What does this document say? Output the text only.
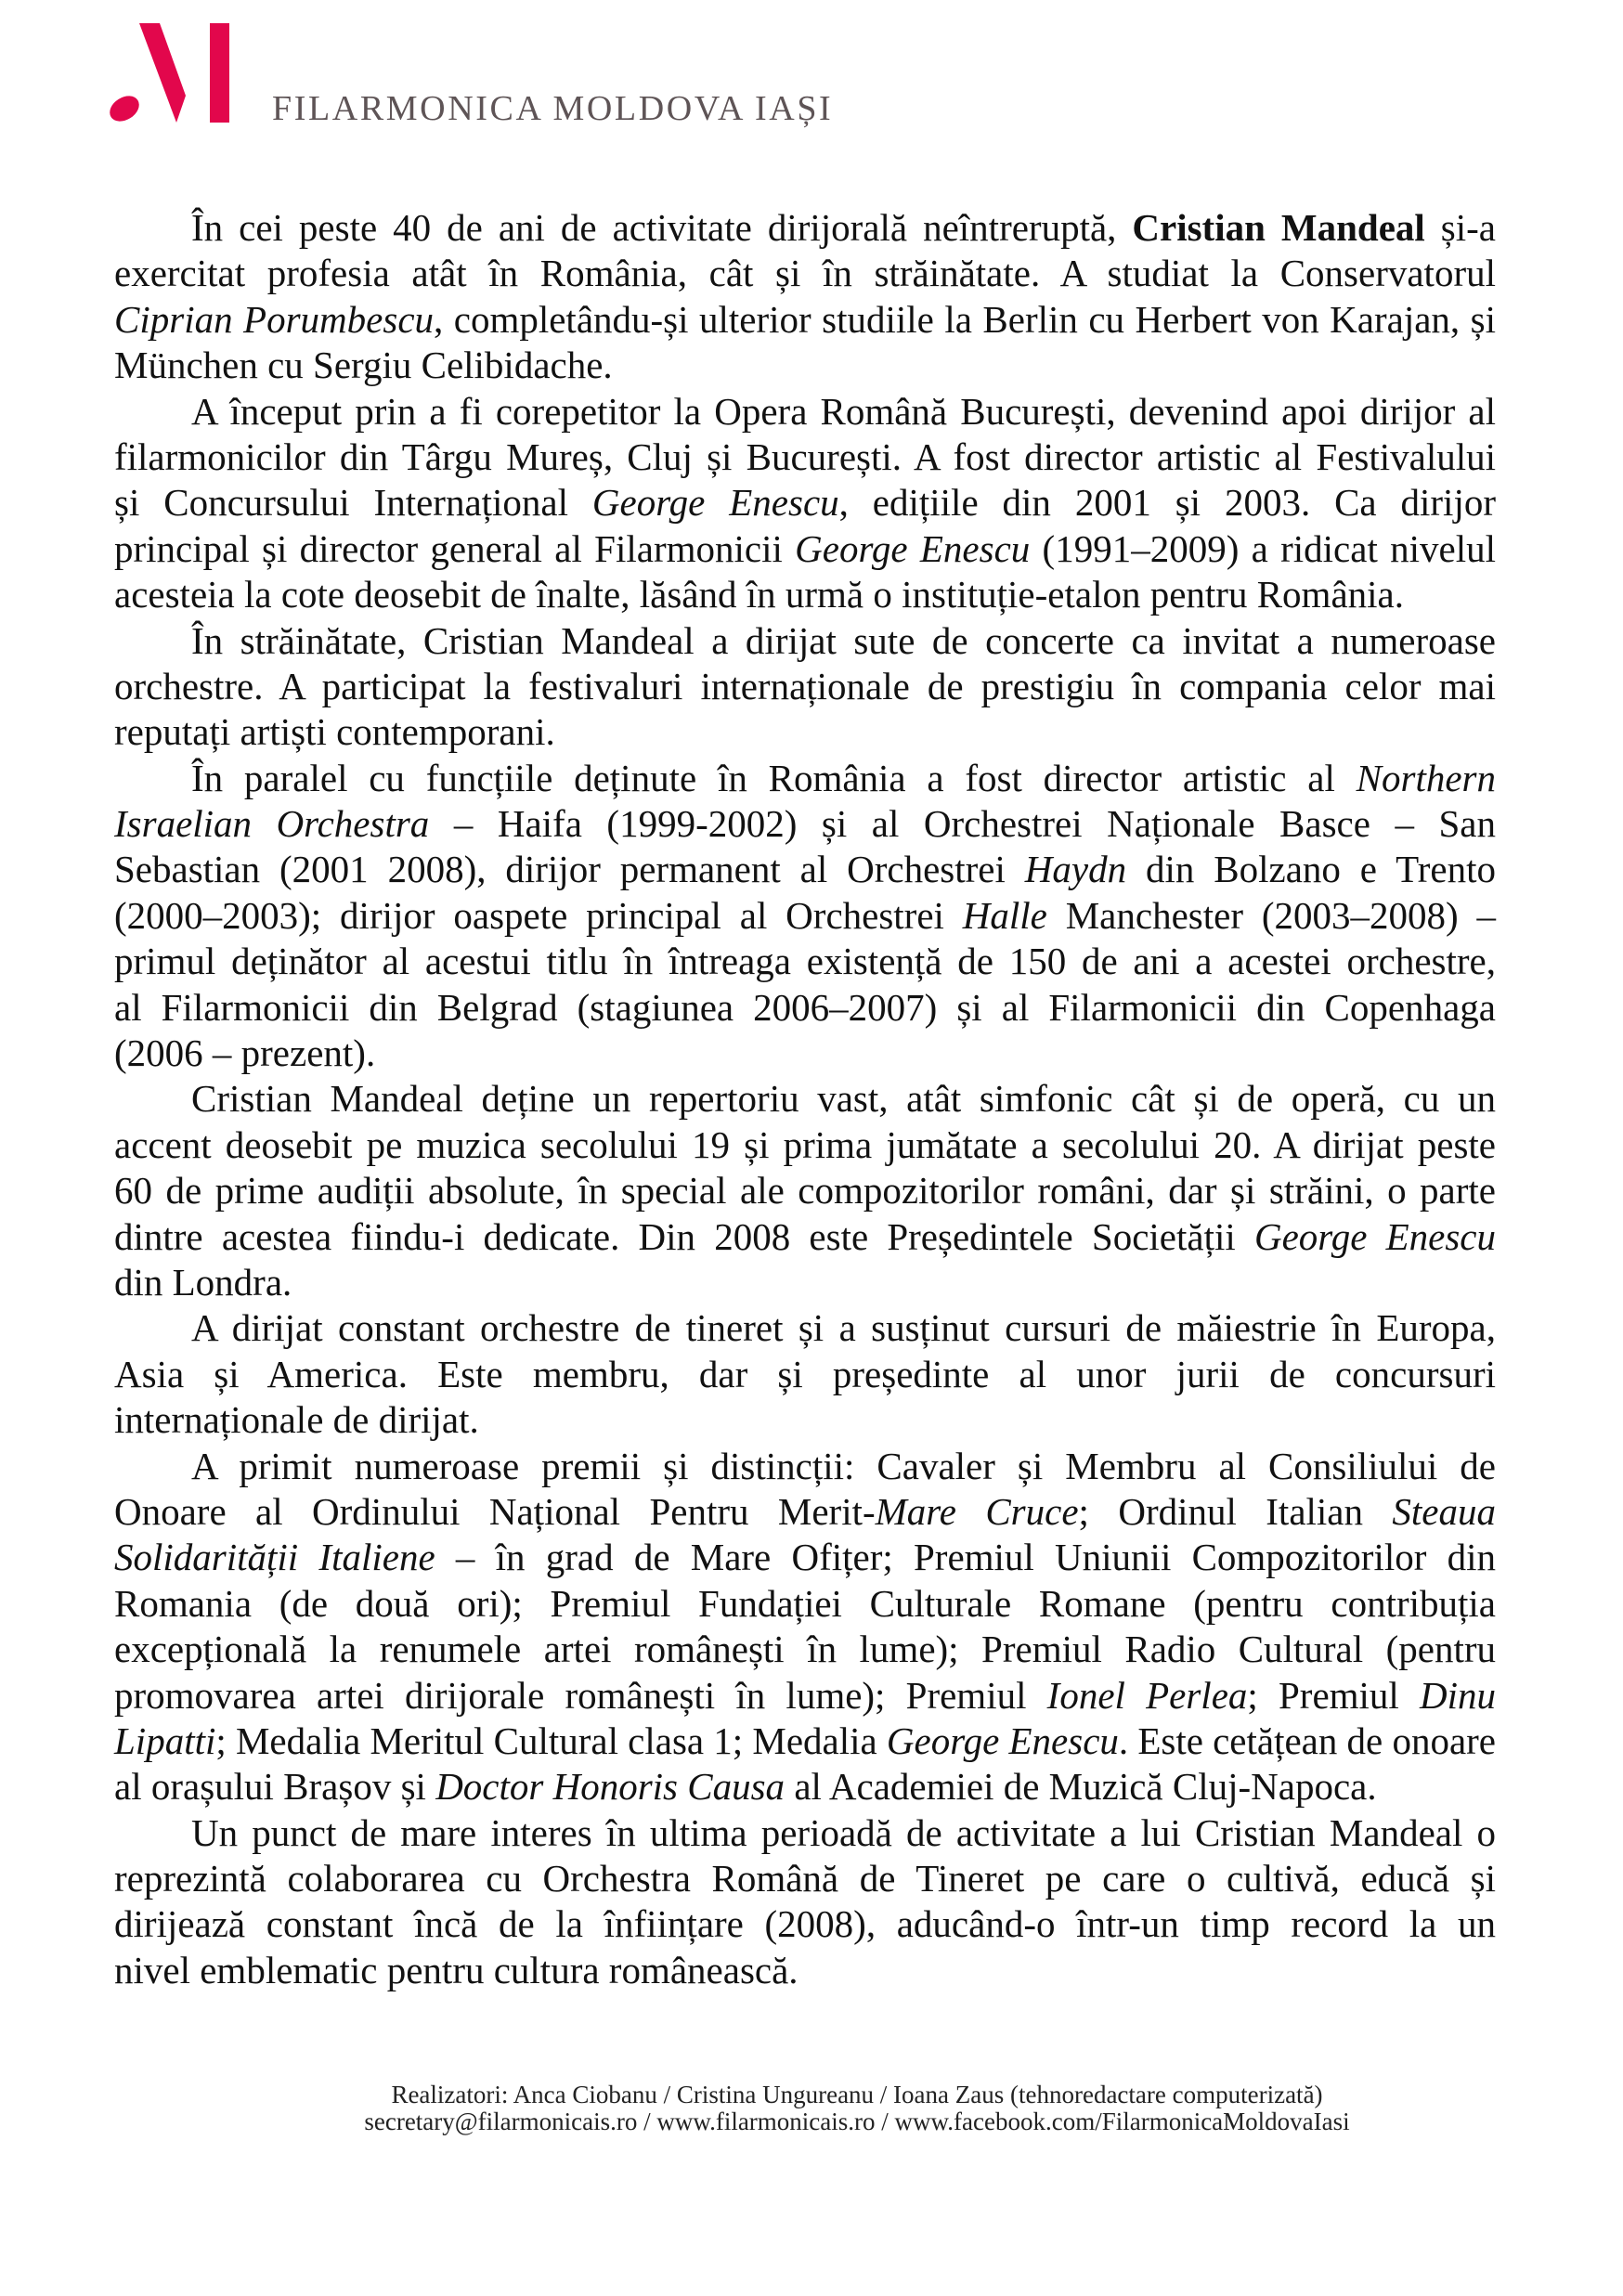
FILARMONICA MOLDOVA IAȘI
În cei peste 40 de ani de activitate dirijorală neîntreruptă, Cristian Mandeal și-a
exercitat profesia atât în România, cât și în străinătate. A studiat la Conservatorul
Ciprian Porumbescu, completându-și ulterior studiile la Berlin cu Herbert von Karajan, și
München cu Sergiu Celibidache.
A început prin a fi corepetitor la Opera Română București, devenind apoi dirijor al
filarmonicilor din Târgu Mureș, Cluj și București. A fost director artistic al Festivalului
și Concursului Internațional George Enescu, edițiile din 2001 și 2003. Ca dirijor
principal și director general al Filarmonicii George Enescu (1991–2009) a ridicat nivelul
acesteia la cote deosebit de înalte, lăsând în urmă o instituție-etalon pentru România.
În străinătate, Cristian Mandeal a dirijat sute de concerte ca invitat a numeroase
orchestre. A participat la festivaluri internaționale de prestigiu în compania celor mai
reputați artiști contemporani.
În paralel cu funcțiile deținute în România a fost director artistic al Northern
Israelian Orchestra – Haifa (1999-2002) și al Orchestrei Naționale Basce – San
Sebastian (2001 2008), dirijor permanent al Orchestrei Haydn din Bolzano e Trento
(2000–2003); dirijor oaspete principal al Orchestrei Halle Manchester (2003–2008) –
primul deținător al acestui titlu în întreaga existență de 150 de ani a acestei orchestre,
al Filarmonicii din Belgrad (stagiunea 2006–2007) și al Filarmonicii din Copenhaga
(2006 – prezent).
Cristian Mandeal deține un repertoriu vast, atât simfonic cât și de operă, cu un
accent deosebit pe muzica secolului 19 și prima jumătate a secolului 20. A dirijat peste
60 de prime audiții absolute, în special ale compozitorilor români, dar și străini, o parte
dintre acestea fiindu-i dedicate. Din 2008 este Președintele Societății George Enescu
din Londra.
A dirijat constant orchestre de tineret și a susținut cursuri de măiestrie în Europa,
Asia și America. Este membru, dar și președinte al unor jurii de concursuri
internaționale de dirijat.
A primit numeroase premii și distincții: Cavaler și Membru al Consiliului de
Onoare al Ordinului Național Pentru Merit-Mare Cruce; Ordinul Italian Steaua
Solidarității Italiene – în grad de Mare Ofițer; Premiul Uniunii Compozitorilor din
Romania (de două ori); Premiul Fundației Culturale Romane (pentru contribuția
excepțională la renumele artei românești în lume); Premiul Radio Cultural (pentru
promovarea artei dirijorale românești în lume); Premiul Ionel Perlea; Premiul Dinu
Lipatti; Medalia Meritul Cultural clasa 1; Medalia George Enescu. Este cetățean de onoare
al orașului Brașov și Doctor Honoris Causa al Academiei de Muzică Cluj-Napoca.
Un punct de mare interes în ultima perioadă de activitate a lui Cristian Mandeal o
reprezintă colaborarea cu Orchestra Română de Tineret pe care o cultivă, educă și
dirijează constant încă de la înființare (2008), aducând-o într-un timp record la un
nivel emblematic pentru cultura românească.
Realizatori: Anca Ciobanu / Cristina Ungureanu / Ioana Zaus (tehnoredactare computerizată)
secretary@filarmonicais.ro / www.filarmonicais.ro / www.facebook.com/FilarmonicaMoldovaIasi
